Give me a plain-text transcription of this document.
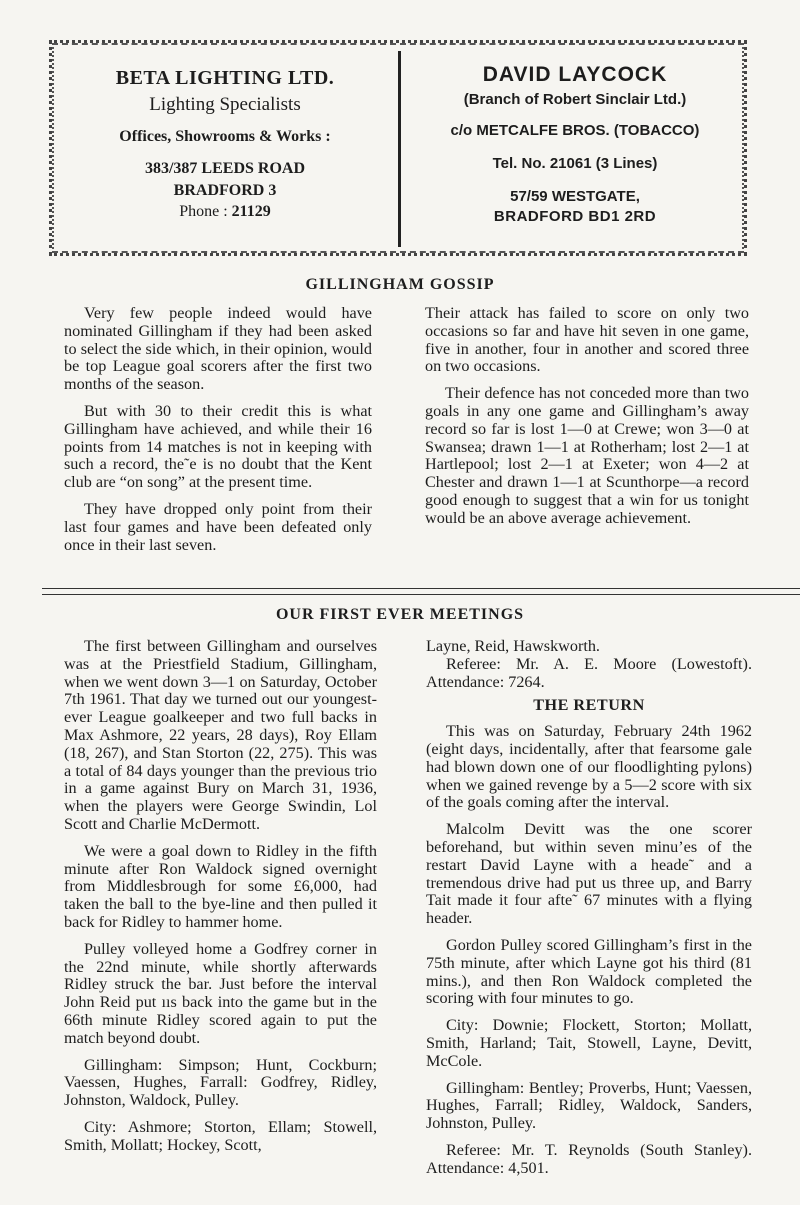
BETA LIGHTING LTD.
Lighting Specialists
Offices, Showrooms & Works :
383/387 LEEDS ROAD
BRADFORD 3
Phone : 21129
DAVID LAYCOCK
(Branch of Robert Sinclair Ltd.)
c/o METCALFE BROS. (TOBACCO)
Tel. No. 21061 (3 Lines)
57/59 WESTGATE,
BRADFORD BD1 2RD
GILLINGHAM GOSSIP

Very few people indeed would have nominated Gillingham if they had been asked to select the side which, in their opinion, would be top League goal scorers after the first two months of the season.

But with 30 to their credit this is what Gillingham have achieved, and while their 16 points from 14 matches is not in keeping with such a record, the˜e is no doubt that the Kent club are “on song” at the present time.

They have dropped only point from their last four games and have been defeated only once in their last seven.

Their attack has failed to score on only two occasions so far and have hit seven in one game, five in another, four in another and scored three on two occasions.

Their defence has not conceded more than two goals in any one game and Gillingham’s away record so far is lost 1—0 at Crewe; won 3—0 at Swansea; drawn 1—1 at Rotherham; lost 2—1 at Hartlepool; lost 2—1 at Exeter; won 4—2 at Chester and drawn 1—1 at Scunthorpe—a record good enough to suggest that a win for us tonight would be an above average achievement.

OUR FIRST EVER MEETINGS

The first between Gillingham and ourselves was at the Priestfield Stadium, Gillingham, when we went down 3—1 on Saturday, October 7th 1961. That day we turned out our youngest-ever League goalkeeper and two full backs in Max Ashmore, 22 years, 28 days), Roy Ellam (18, 267), and Stan Storton (22, 275). This was a total of 84 days younger than the previous trio in a game against Bury on March 31, 1936, when the players were George Swindin, Lol Scott and Charlie McDermott.

We were a goal down to Ridley in the fifth minute after Ron Waldock signed overnight from Middlesbrough for some £6,000, had taken the ball to the bye-line and then pulled it back for Ridley to hammer home.

Pulley volleyed home a Godfrey corner in the 22nd minute, while shortly afterwards Ridley struck the bar. Just before the interval John Reid put ııs back into the game but in the 66th minute Ridley scored again to put the match beyond doubt.

Gillingham: Simpson; Hunt, Cockburn; Vaessen, Hughes, Farrall: Godfrey, Ridley, Johnston, Waldock, Pulley.

City: Ashmore; Storton, Ellam; Stowell, Smith, Mollatt; Hockey, Scott,

Layne, Reid, Hawskworth.

Referee: Mr. A. E. Moore (Lowestoft). Attendance: 7264.

THE RETURN

This was on Saturday, February 24th 1962 (eight days, incidentally, after that fearsome gale had blown down one of our floodlighting pylons) when we gained revenge by a 5—2 score with six of the goals coming after the interval.

Malcolm Devitt was the one scorer beforehand, but within seven minu’es of the restart David Layne with a heade˜ and a tremendous drive had put us three up, and Barry Tait made it four afte˜ 67 minutes with a flying header.

Gordon Pulley scored Gillingham’s first in the 75th minute, after which Layne got his third (81 mins.), and then Ron Waldock completed the scoring with four minutes to go.

City: Downie; Flockett, Storton; Mollatt, Smith, Harland; Tait, Stowell, Layne, Devitt, McCole.

Gillingham: Bentley; Proverbs, Hunt; Vaessen, Hughes, Farrall; Ridley, Waldock, Sanders, Johnston, Pulley.

Referee: Mr. T. Reynolds (South Stanley). Attendance: 4,501.
